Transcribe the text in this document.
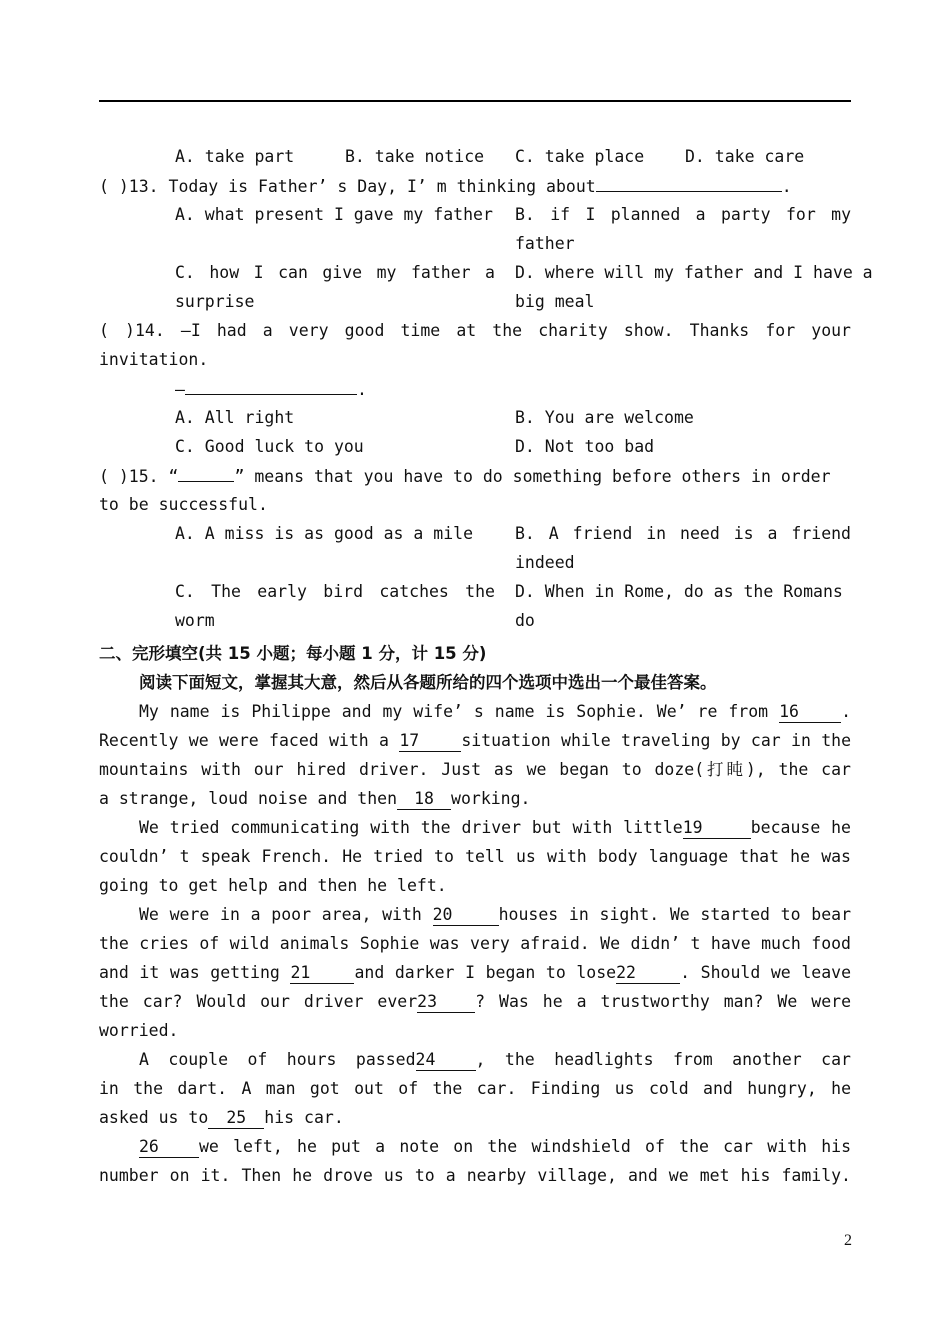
A. take part	B. take notice	C. take place	D. take care
( )13. Today is Father’ s Day, I’ m thinking about	.
A. what present I gave my father	B. if I planned a party for my
father
C. how I can give my father a
surprise
D. where will my father and I have a
big meal
( )14. —I had a very good time at the charity show. Thanks for your
invitation.
—	.
A. All right	B. You are welcome
C. Good luck to you	D. Not too bad
( )15. “	” means that you have to do something before others in order
to be successful.
A. A miss is as good as a mile	B. A friend in need is a friend
indeed
C. The early bird catches the
worm
D. When in Rome, do as the Romans
do
二、完形填空(共 15 小题；每小题 1 分，计 15 分)
阅读下面短文，掌握其大意，然后从各题所给的四个选项中选出一个最佳答案。
My name is Philippe and my wife’ s name is Sophie. We’ re from 16	.
Recently we were faced with a 17	situation while traveling by car in the
mountains with our hired driver. Just as we began to doze(打盹), the car
a strange, loud noise and then 18 working.
We tried communicating with the driver but with little19	because he
couldn’ t speak French. He tried to tell us with body language that he was
going to get help and then he left.
We were in a poor area, with 20	houses in sight. We started to bear
the cries of wild animals Sophie was very afraid. We didn’ t have much food
and it was getting 21	and darker I began to lose22	. Should we leave
the car? Would our driver ever23 ? Was he a trustworthy man? We were
worried.
A couple of hours passed24 , the headlights from another car
in the dart. A man got out of the car. Finding us cold and hungry, he
asked us to 25 his car.
26 we left, he put a note on the windshield of the car with his
number on it. Then he drove us to a nearby village, and we met his family.
2
